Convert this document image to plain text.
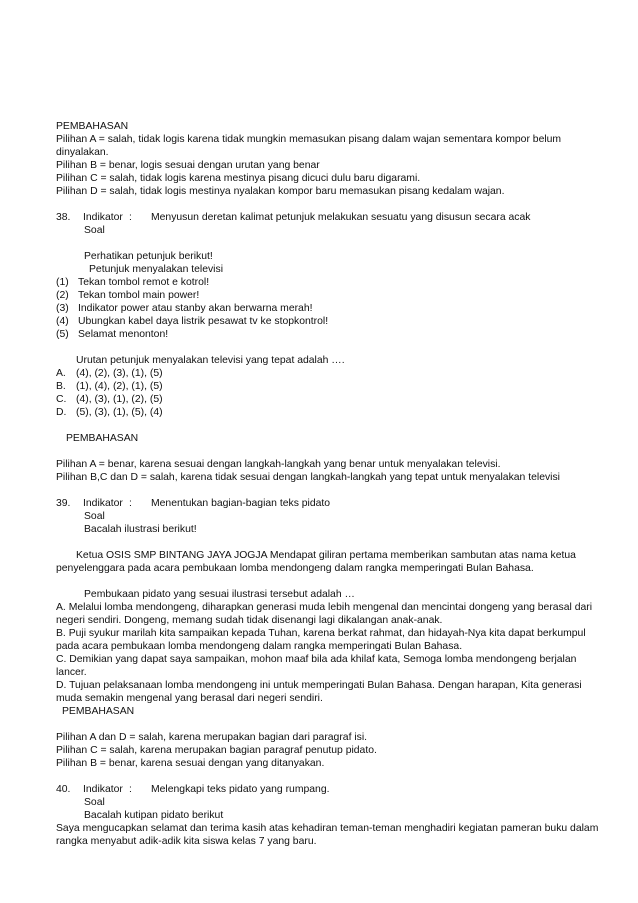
PEMBAHASAN
Pilihan A = salah, tidak logis karena tidak mungkin memasukan pisang dalam wajan sementara kompor belum
dinyalakan.
Pilihan B = benar, logis sesuai dengan urutan yang benar
Pilihan C = salah, tidak logis karena mestinya pisang dicuci dulu baru digarami.
Pilihan D = salah, tidak logis mestinya nyalakan kompor baru memasukan pisang kedalam wajan.
38. Indikator : Menyusun deretan kalimat petunjuk melakukan sesuatu yang disusun secara acak
Soal
Perhatikan petunjuk berikut!
Petunjuk menyalakan televisi
(1) Tekan tombol remot e kotrol!
(2) Tekan tombol main power!
(3) Indikator power atau stanby akan berwarna merah!
(4) Ubungkan kabel daya listrik pesawat tv ke stopkontrol!
(5) Selamat menonton!
Urutan petunjuk menyalakan televisi yang tepat adalah ….
A. (4), (2), (3), (1), (5)
B. (1), (4), (2), (1), (5)
C. (4), (3), (1), (2), (5)
D. (5), (3), (1), (5), (4)
PEMBAHASAN
Pilihan A = benar, karena sesuai dengan langkah-langkah yang benar untuk menyalakan televisi.
Pilihan B,C dan D = salah, karena tidak sesuai dengan langkah-langkah yang tepat untuk menyalakan televisi
39. Indikator : Menentukan bagian-bagian teks pidato
Soal
Bacalah ilustrasi berikut!
Ketua OSIS SMP BINTANG JAYA JOGJA Mendapat giliran pertama memberikan sambutan atas nama ketua
penyelenggara pada acara pembukaan lomba mendongeng dalam rangka memperingati Bulan Bahasa.
Pembukaan pidato yang sesuai ilustrasi tersebut adalah …
A. Melalui lomba mendongeng, diharapkan generasi muda lebih mengenal dan mencintai dongeng yang berasal dari
negeri sendiri. Dongeng, memang sudah tidak disenangi lagi dikalangan anak-anak.
B. Puji syukur marilah kita sampaikan kepada Tuhan, karena berkat rahmat, dan hidayah-Nya kita dapat berkumpul
pada acara pembukaan lomba mendongeng dalam rangka memperingati Bulan Bahasa.
C. Demikian yang dapat saya sampaikan, mohon maaf bila ada khilaf kata, Semoga lomba mendongeng berjalan
lancer.
D. Tujuan pelaksanaan lomba mendongeng ini untuk memperingati Bulan Bahasa. Dengan harapan, Kita generasi
muda semakin mengenal yang berasal dari negeri sendiri.
PEMBAHASAN
Pilihan A dan D = salah, karena merupakan bagian dari paragraf isi.
Pilihan C = salah, karena merupakan bagian paragraf penutup pidato.
Pilihan B = benar, karena sesuai dengan yang ditanyakan.
40. Indikator : Melengkapi teks pidato yang rumpang.
Soal
Bacalah kutipan pidato berikut
Saya mengucapkan selamat dan terima kasih atas kehadiran teman-teman menghadiri kegiatan pameran buku dalam
rangka menyabut adik-adik kita siswa kelas 7 yang baru.
